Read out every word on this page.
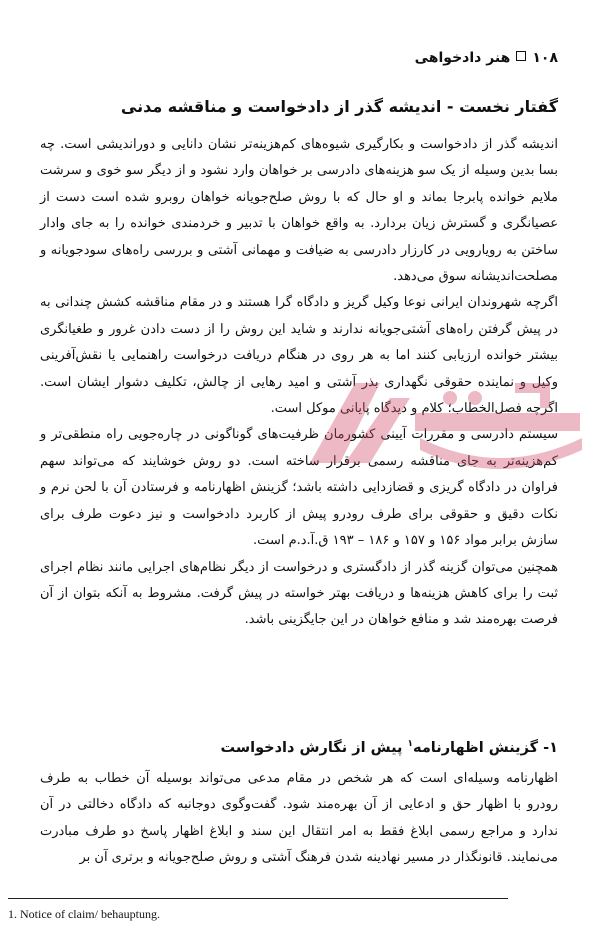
۱۰۸هنر دادخواهی
گفتار نخست - اندیشه گذر از دادخواست و مناقشه مدنی

اندیشه گذر از دادخواست و بکارگیری شیوه‌های کم‌هزینه‌تر نشان دانایی و دوراندیشی است. چه بسا بدین وسیله از یک سو هزینه‌های دادرسی بر خواهان وارد نشود و از دیگر سو خوی و سرشت ملایم خوانده پابرجا بماند و او حال که با روش صلح‌جویانه خواهان روبرو شده است دست از عصیانگری و گسترش زیان بردارد. به واقع خواهان با تدبیر و خردمندی خوانده را به جای وادار ساختن به رویارویی در کارزار دادرسی به ضیافت و مهمانی آشتی و بررسی راه‌های سودجویانه و مصلحت‌اندیشانه سوق می‌دهد.

اگرچه شهروندان ایرانی نوعا وکیل گریز و دادگاه گرا هستند و در مقام مناقشه کشش چندانی به در پیش گرفتن راه‌های آشتی‌جویانه ندارند و شاید این روش را از دست دادن غرور و طغیانگری بیشتر خوانده ارزیابی کنند اما به هر روی در هنگام دریافت درخواست راهنمایی یا نقش‌آفرینی وکیل و نماینده حقوقی نگهداری بذر آشتی و امید رهایی از چالش، تکلیف دشوار ایشان است. اگرچه فصل‌الخطاب؛ کلام و دیدگاه پایانی موکل است.

سیستم دادرسی و مقررات آیینی کشورمان ظرفیت‌های گوناگونی در چاره‌جویی راه منطقی‌تر و کم‌هزینه‌تر به جای مناقشه رسمی برقرار ساخته است. دو روش خوشایند که می‌تواند سهم فراوان در دادگاه گریزی و قضازدایی داشته باشد؛ گزینش اظهارنامه و فرستادن آن با لحن نرم و نکات دقیق و حقوقی برای طرف رودرو پیش از کاربرد دادخواست و نیز دعوت طرف برای سازش برابر مواد ۱۵۶ و ۱۵۷ و ۱۸۶ – ۱۹۳ ق.آ.د.م است.

همچنین می‌توان گزینه گذر از دادگستری و درخواست از دیگر نظام‌های اجرایی مانند نظام اجرای ثبت را برای کاهش هزینه‌ها و دریافت بهتر خواسته در پیش گرفت. مشروط به آنکه بتوان از آن فرصت بهره‌مند شد و منافع خواهان در این جایگزینی باشد.

۱- گزینش اظهارنامه$^۱$ پیش از نگارش دادخواست

اظهارنامه وسیله‌ای است که هر شخص در مقام مدعی می‌تواند بوسیله آن خطاب به طرف رودرو با اظهار حق و ادعایی از آن بهره‌مند شود. گفت‌وگوی دوجانبه که دادگاه دخالتی در آن ندارد و مراجع رسمی ابلاغ فقط به امر انتقال این سند و ابلاغ اظهار پاسخ دو طرف مبادرت می‌نمایند. قانونگذار در مسیر نهادینه شدن فرهنگ آشتی و روش صلح‌جویانه و برتری آن بر

1. Notice of claim/ behauptung.
